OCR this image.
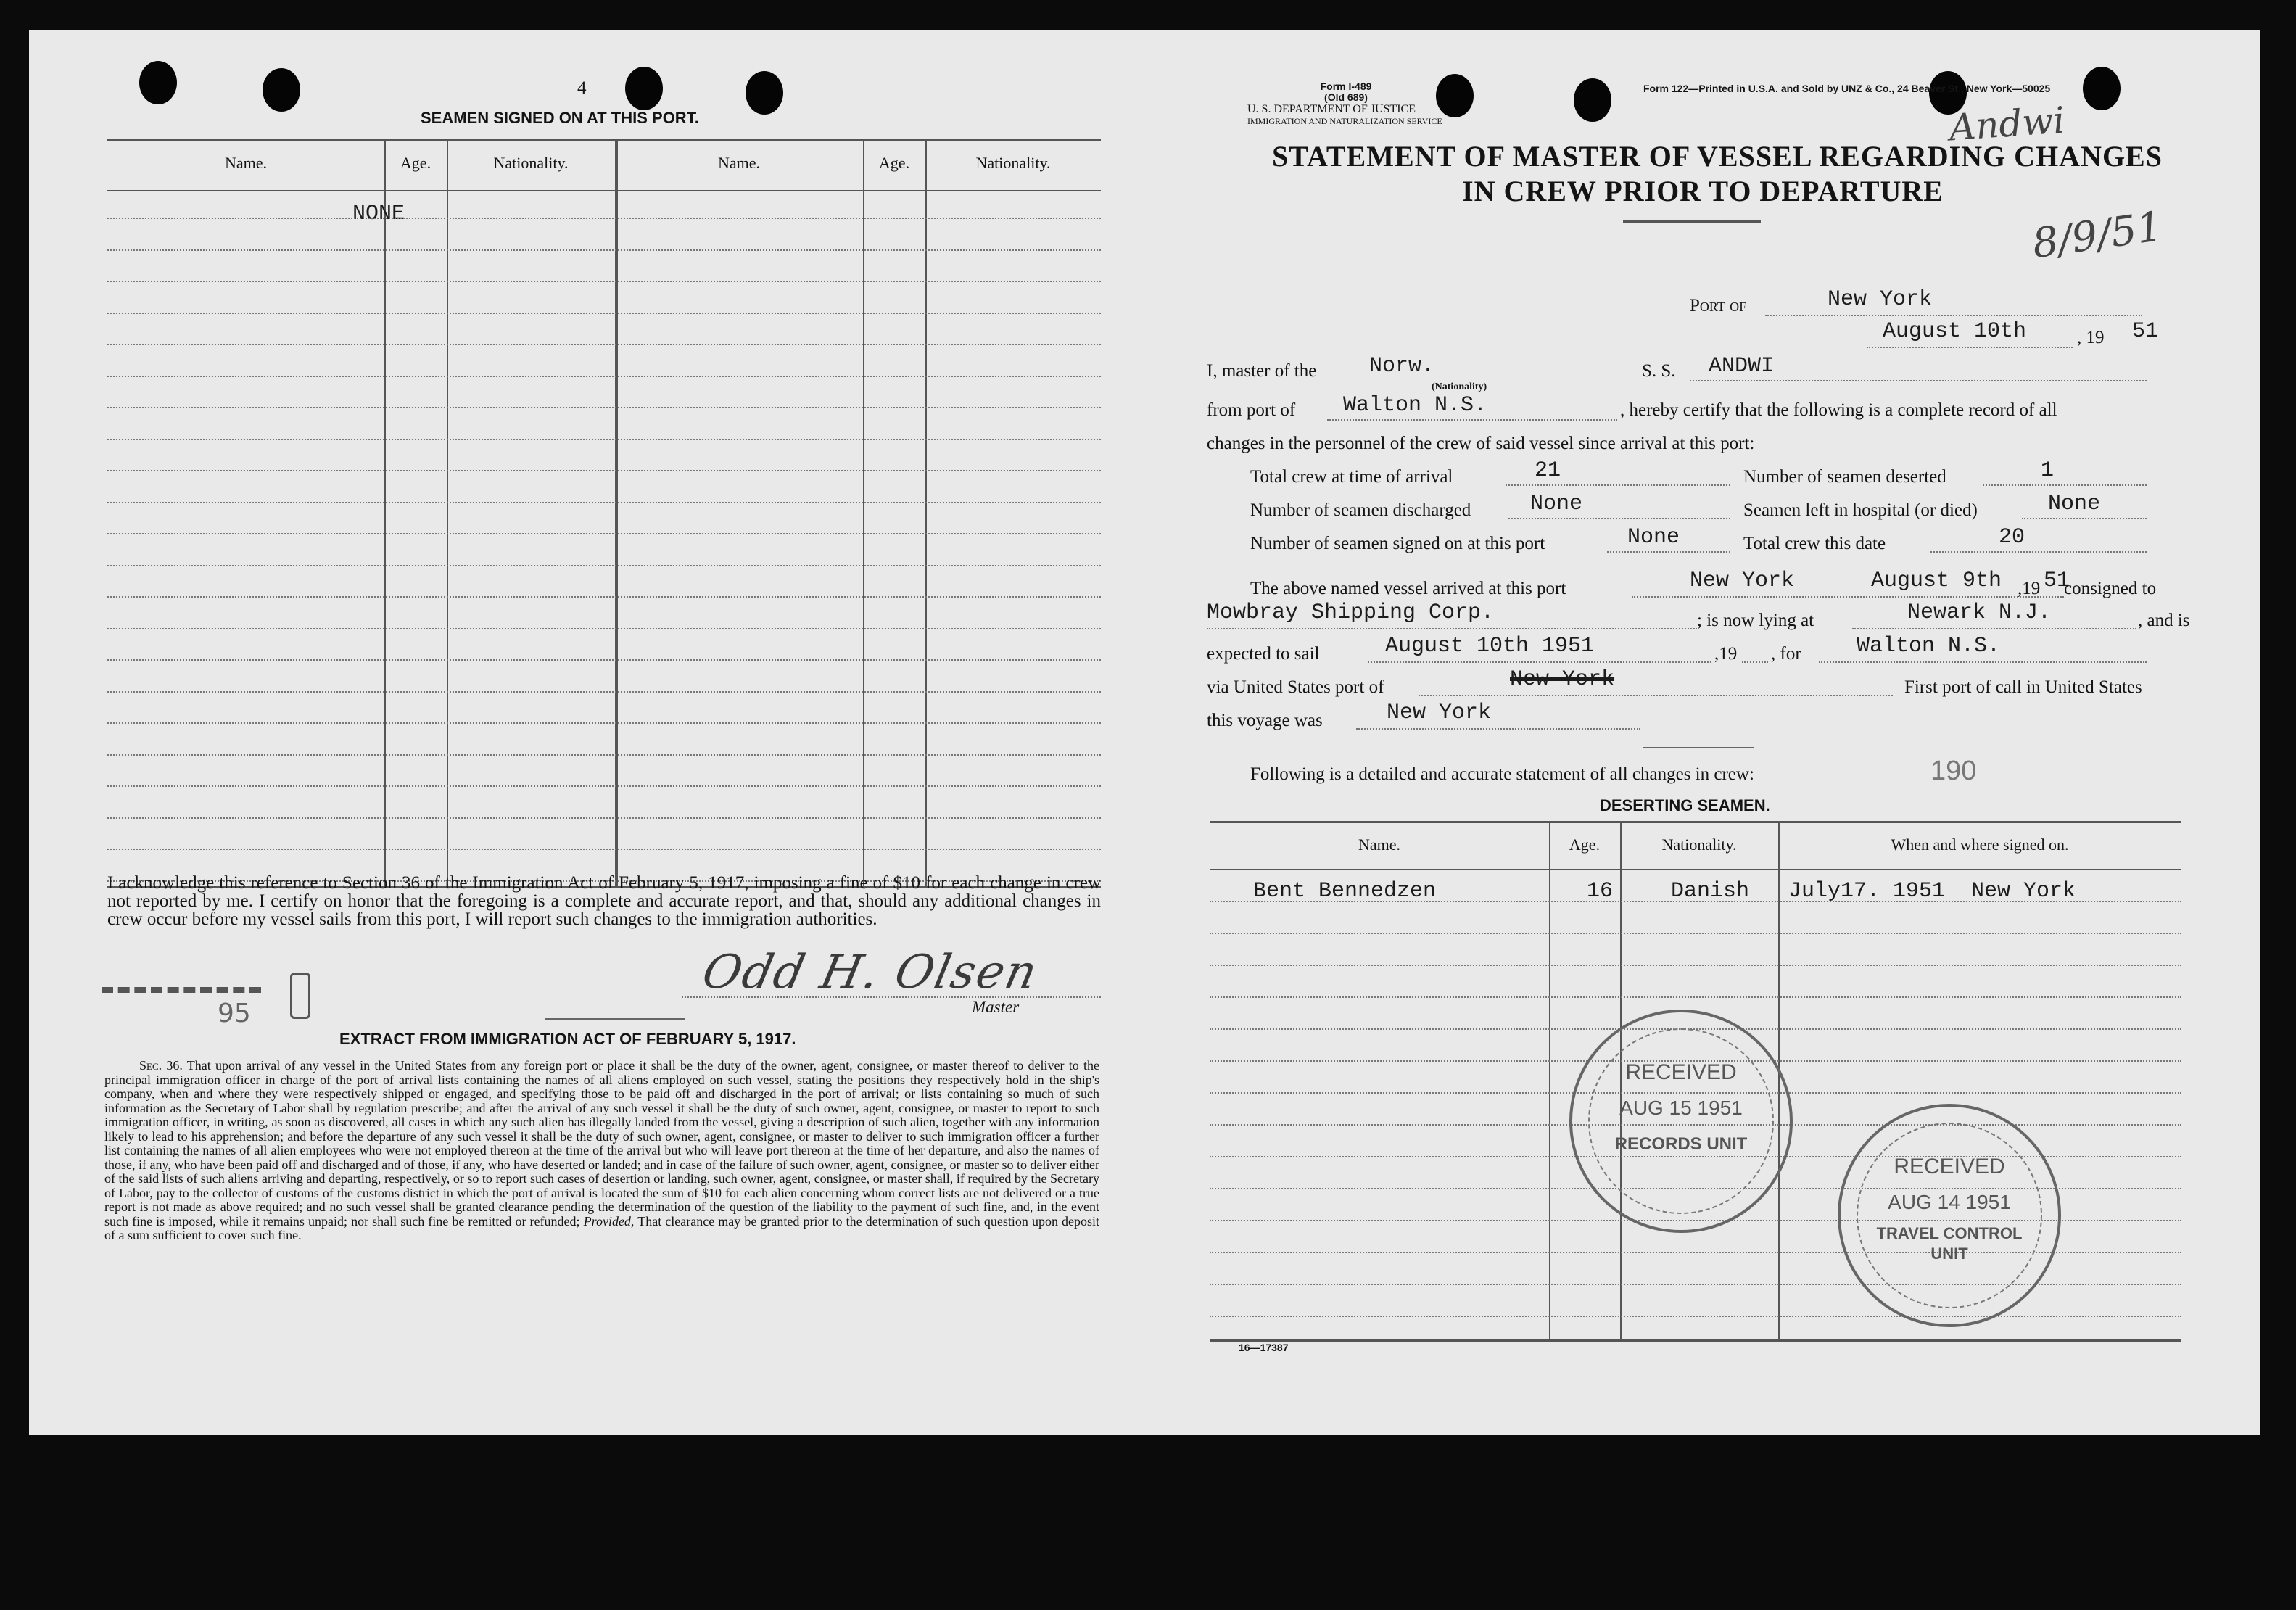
4
SEAMEN SIGNED ON AT THIS PORT.
Name.	Age.	Nationality.	Name.	Age.	Nationality.
NONE
I acknowledge this reference to Section 36 of the Immigration Act of February 5, 1917, imposing a fine of $10 for each change in crew not reported by me. I certify on honor that the foregoing is a complete and accurate report, and that, should any additional changes in crew occur before my vessel sails from this port, I will report such changes to the immigration authorities.
Odd H. Olsen
Master
95
EXTRACT FROM IMMIGRATION ACT OF FEBRUARY 5, 1917.
Sec. 36. That upon arrival of any vessel in the United States from any foreign port or place it shall be the duty of the owner, agent, consignee, or master thereof to deliver to the principal immigration officer in charge of the port of arrival lists containing the names of all aliens employed on such vessel, stating the positions they respectively hold in the ship's company, when and where they were respectively shipped or engaged, and specifying those to be paid off and discharged in the port of arrival; or lists containing so much of such information as the Secretary of Labor shall by regulation prescribe; and after the arrival of any such vessel it shall be the duty of such owner, agent, consignee, or master to report to such immigration officer, in writing, as soon as discovered, all cases in which any such alien has illegally landed from the vessel, giving a description of such alien, together with any information likely to lead to his apprehension; and before the departure of any such vessel it shall be the duty of such owner, agent, consignee, or master to deliver to such immigration officer a further list containing the names of all alien employees who were not employed thereon at the time of the arrival but who will leave port thereon at the time of her departure, and also the names of those, if any, who have been paid off and discharged and of those, if any, who have deserted or landed; and in case of the failure of such owner, agent, consignee, or master so to deliver either of the said lists of such aliens arriving and departing, respectively, or so to report such cases of desertion or landing, such owner, agent, consignee, or master shall, if required by the Secretary of Labor, pay to the collector of customs of the customs district in which the port of arrival is located the sum of $10 for each alien concerning whom correct lists are not delivered or a true report is not made as above required; and no such vessel shall be granted clearance pending the determination of the question of the liability to the payment of such fine, and, in the event such fine is imposed, while it remains unpaid; nor shall such fine be remitted or refunded; Provided, That clearance may be granted prior to the determination of such question upon deposit of a sum sufficient to cover such fine.
Form I-489
(Old 689)
U. S. DEPARTMENT OF JUSTICE
IMMIGRATION AND NATURALIZATION SERVICE
Form 122—Printed in U.S.A. and Sold by UNZ & Co., 24 Beaver St., New York—50025
Andwi
8/9/51
STATEMENT OF MASTER OF VESSEL REGARDING CHANGES
IN CREW PRIOR TO DEPARTURE
Port of	New York
August 10th	, 19 51
I, master of the Norw.
(Nationality)
S. S. ANDWI
from port of Walton N.S.	, hereby certify that the following is a complete record of all
changes in the personnel of the crew of said vessel since arrival at this port:
Total crew at time of arrival	21	Number of seamen deserted	1
Number of seamen discharged	None	Seamen left in hospital (or died)	None
Number of seamen signed on at this port	None	Total crew this date	20
The above named vessel arrived at this port	New York	August 9th ,19 51
consigned to
Mowbray Shipping Corp.	; is now lying at	Newark N.J.	, and is
expected to sail	August 10th 1951	,19 , for	Walton N.S.
via United States port of	New York	First port of call in United States
this voyage was	New York
190
Following is a detailed and accurate statement of all changes in crew:
DESERTING SEAMEN.
Name.	Age.	Nationality.	When and where signed on.
Bent Bennedzen	16	Danish July17. 1951  New York
RECEIVED
AUG 15 1951
RECORDS UNIT
RECEIVED
AUG 14 1951
TRAVEL CONTROL
UNIT
16—17387
